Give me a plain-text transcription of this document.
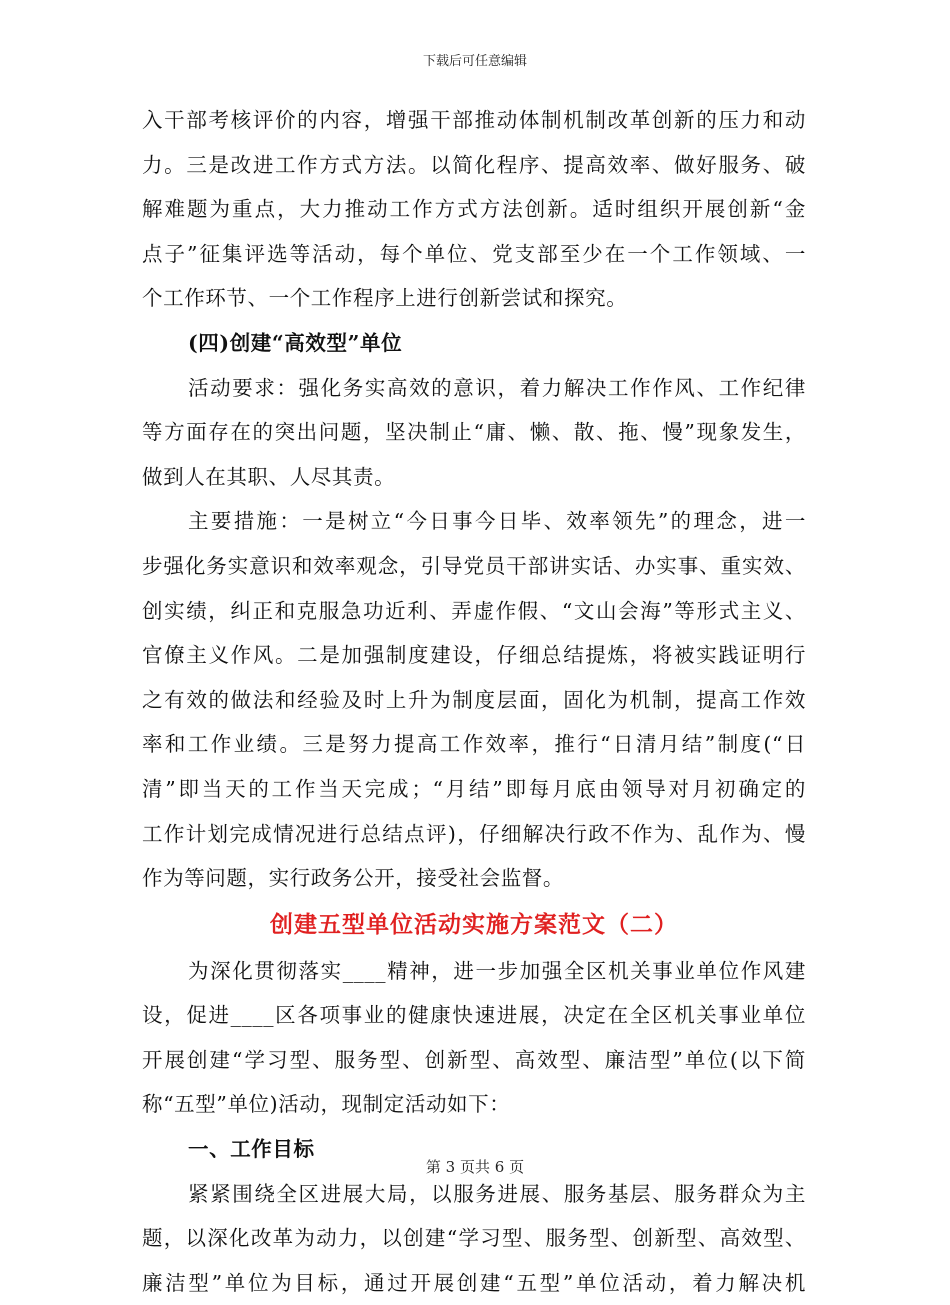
下载后可任意编辑
入干部考核评价的内容，增强干部推动体制机制改革创新的压力和动
力。三是改进工作方式方法。以简化程序、提高效率、做好服务、破
解难题为重点，大力推动工作方式方法创新。适时组织开展创新“金
点子”征集评选等活动，每个单位、党支部至少在一个工作领域、一
个工作环节、一个工作程序上进行创新尝试和探究。
(四)创建“高效型”单位
活动要求：强化务实高效的意识，着力解决工作作风、工作纪律
等方面存在的突出问题，坚决制止“庸、懒、散、拖、慢”现象发生，
做到人在其职、人尽其责。
主要措施：一是树立“今日事今日毕、效率领先”的理念，进一
步强化务实意识和效率观念，引导党员干部讲实话、办实事、重实效、
创实绩，纠正和克服急功近利、弄虚作假、“文山会海”等形式主义、
官僚主义作风。二是加强制度建设，仔细总结提炼，将被实践证明行
之有效的做法和经验及时上升为制度层面，固化为机制，提高工作效
率和工作业绩。三是努力提高工作效率，推行“日清月结”制度(“日
清”即当天的工作当天完成；“月结”即每月底由领导对月初确定的
工作计划完成情况进行总结点评)，仔细解决行政不作为、乱作为、慢
作为等问题，实行政务公开，接受社会监督。
创建五型单位活动实施方案范文（二）
为深化贯彻落实____精神，进一步加强全区机关事业单位作风建
设，促进____区各项事业的健康快速进展，决定在全区机关事业单位
开展创建“学习型、服务型、创新型、高效型、廉洁型”单位(以下简
称“五型”单位)活动，现制定活动如下：
一、工作目标
紧紧围绕全区进展大局，以服务进展、服务基层、服务群众为主
题，以深化改革为动力，以创建“学习型、服务型、创新型、高效型、
廉洁型”单位为目标，通过开展创建“五型”单位活动，着力解决机
第 3 页共 6 页
